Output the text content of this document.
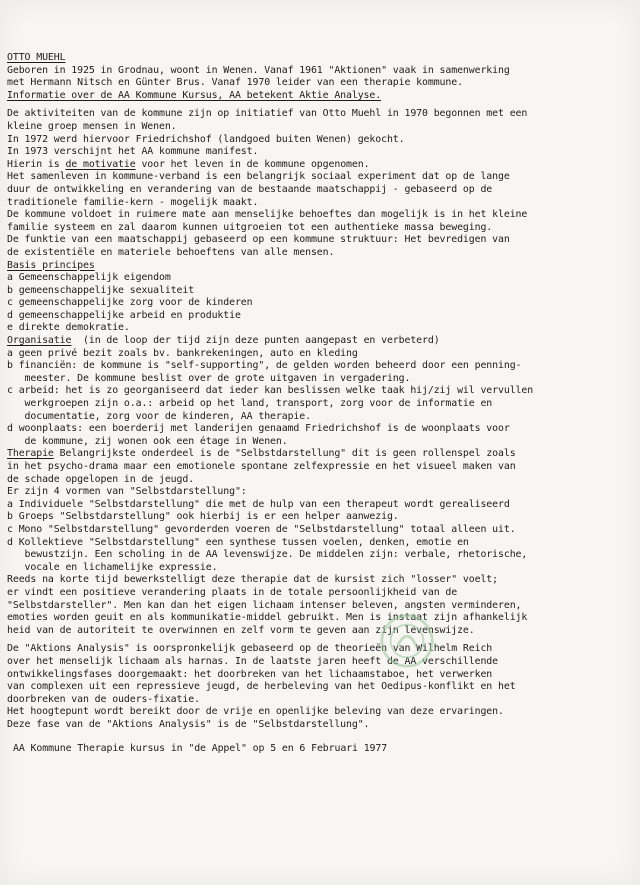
OTTO MUEHL
Geboren in 1925 in Grodnau, woont in Wenen. Vanaf 1961 "Aktionen" vaak in samenwerking
met Hermann Nitsch en Günter Brus. Vanaf 1970 leider van een therapie kommune.
Informatie over de AA Kommune Kursus, AA betekent Aktie Analyse.
De aktiviteiten van de kommune zijn op initiatief van Otto Muehl in 1970 begonnen met een
kleine groep mensen in Wenen.
In 1972 werd hiervoor Friedrichshof (landgoed buiten Wenen) gekocht.
In 1973 verschijnt het AA kommune manifest.
Hierin is de motivatie voor het leven in de kommune opgenomen.
Het samenleven in kommune-verband is een belangrijk sociaal experiment dat op de lange
duur de ontwikkeling en verandering van de bestaande maatschappij - gebaseerd op de
traditionele familie-kern - mogelijk maakt.
De kommune voldoet in ruimere mate aan menselijke behoeftes dan mogelijk is in het kleine
familie systeem en zal daarom kunnen uitgroeien tot een authentieke massa beweging.
De funktie van een maatschappij gebaseerd op een kommune struktuur: Het bevredigen van
de existentiële en materiele behoeftens van alle mensen.
Basis principes
a Gemeenschappelijk eigendom
b gemeenschappelijke sexualiteit
c gemeenschappelijke zorg voor de kinderen
d gemeenschappelijke arbeid en produktie
e direkte demokratie.
Organisatie  (in de loop der tijd zijn deze punten aangepast en verbeterd)
a geen privé bezit zoals bv. bankrekeningen, auto en kleding
b financiën: de kommune is "self-supporting", de gelden worden beheerd door een penning-
meester. De kommune beslist over de grote uitgaven in vergadering.
c arbeid: het is zo georganiseerd dat ieder kan beslissen welke taak hij/zij wil vervullen
werkgroepen zijn o.a.: arbeid op het land, transport, zorg voor de informatie en
documentatie, zorg voor de kinderen, AA therapie.
d woonplaats: een boerderij met landerijen genaamd Friedrichshof is de woonplaats voor
de kommune, zij wonen ook een étage in Wenen.
Therapie Belangrijkste onderdeel is de "Selbstdarstellung" dit is geen rollenspel zoals
in het psycho-drama maar een emotionele spontane zelfexpressie en het visueel maken van
de schade opgelopen in de jeugd.
Er zijn 4 vormen van "Selbstdarstellung":
a Individuele "Selbstdarstellung" die met de hulp van een therapeut wordt gerealiseerd
b Groeps "Selbstdarstellung" ook hierbij is er een helper aanwezig.
c Mono "Selbstdarstellung" gevorderden voeren de "Selbstdarstellung" totaal alleen uit.
d Kollektieve "Selbstdarstellung" een synthese tussen voelen, denken, emotie en
bewustzijn. Een scholing in de AA levenswijze. De middelen zijn: verbale, rhetorische,
vocale en lichamelijke expressie.
Reeds na korte tijd bewerkstelligt deze therapie dat de kursist zich "losser" voelt;
er vindt een positieve verandering plaats in de totale persoonlijkheid van de
"Selbstdarsteller". Men kan dan het eigen lichaam intenser beleven, angsten verminderen,
emoties worden geuit en als kommunikatie-middel gebruikt. Men is instaat zijn afhankelijk
heid van de autoriteit te overwinnen en zelf vorm te geven aan zijn levenswijze.
De "Aktions Analysis" is oorspronkelijk gebaseerd op de theorieën van Wilhelm Reich
over het menselijk lichaam als harnas. In de laatste jaren heeft de AA verschillende
ontwikkelingsfases doorgemaakt: het doorbreken van het lichaamstaboe, het verwerken
van complexen uit een repressieve jeugd, de herbeleving van het Oedipus-konflikt en het
doorbreken van de ouders-fixatie.
Het hoogtepunt wordt bereikt door de vrije en openlijke beleving van deze ervaringen.
Deze fase van de "Aktions Analysis" is de "Selbstdarstellung".
AA Kommune Therapie kursus in "de Appel" op 5 en 6 Februari 1977
